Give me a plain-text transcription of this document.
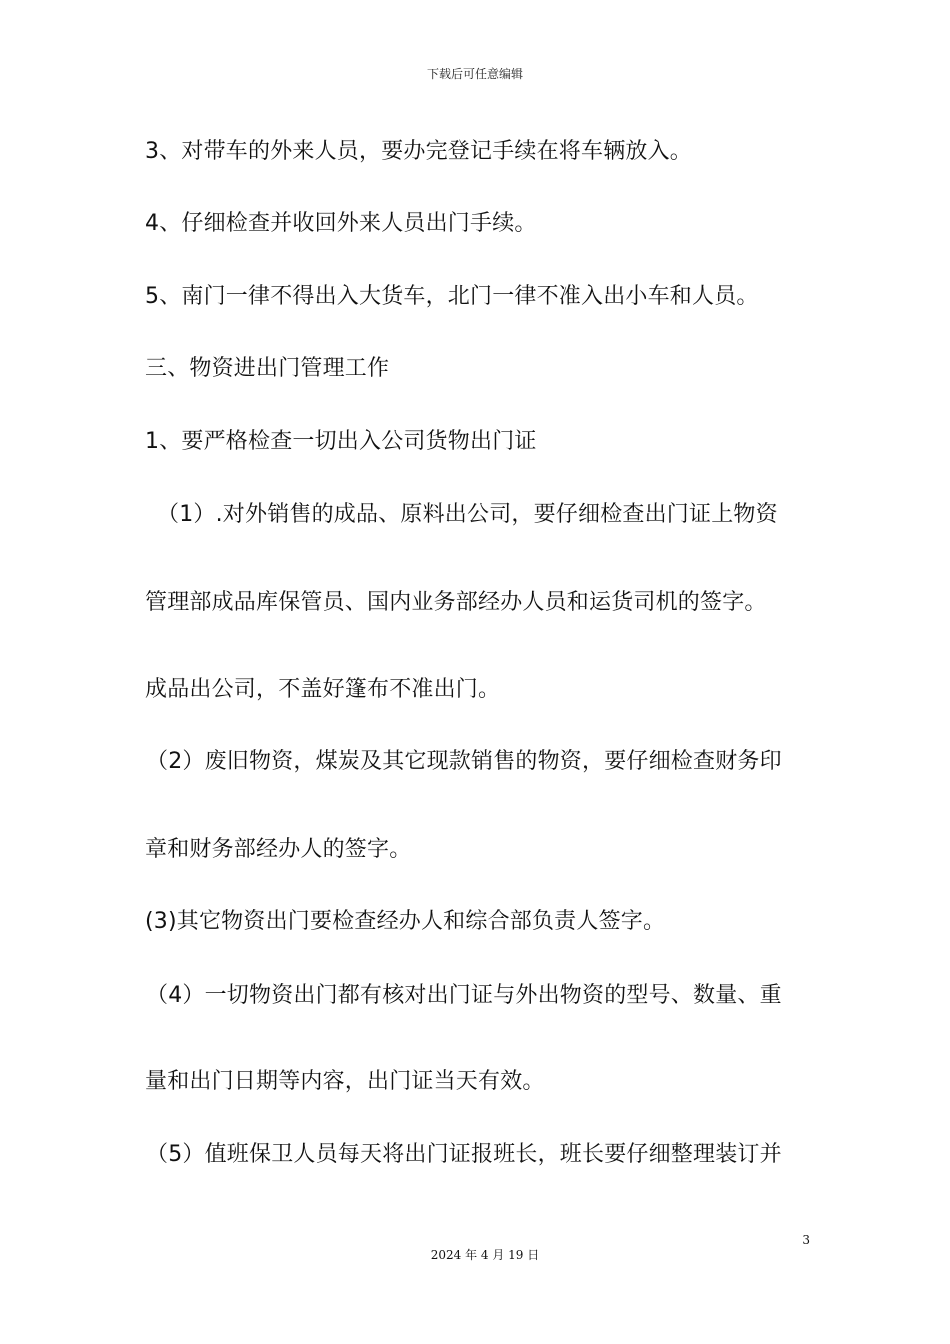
下载后可任意编辑
3、对带车的外来人员，要办完登记手续在将车辆放入。
4、仔细检查并收回外来人员出门手续。
5、南门一律不得出入大货车，北门一律不准入出小车和人员。
三、物资进出门管理工作
1、要严格检查一切出入公司货物出门证
（1）.对外销售的成品、原料出公司，要仔细检查出门证上物资
管理部成品库保管员、国内业务部经办人员和运货司机的签字。
成品出公司，不盖好篷布不准出门。
（2）废旧物资，煤炭及其它现款销售的物资，要仔细检查财务印
章和财务部经办人的签字。
(3)其它物资出门要检查经办人和综合部负责人签字。
（4）一切物资出门都有核对出门证与外出物资的型号、数量、重
量和出门日期等内容，出门证当天有效。
（5）值班保卫人员每天将出门证报班长，班长要仔细整理装订并
3
2024 年 4 月 19 日
